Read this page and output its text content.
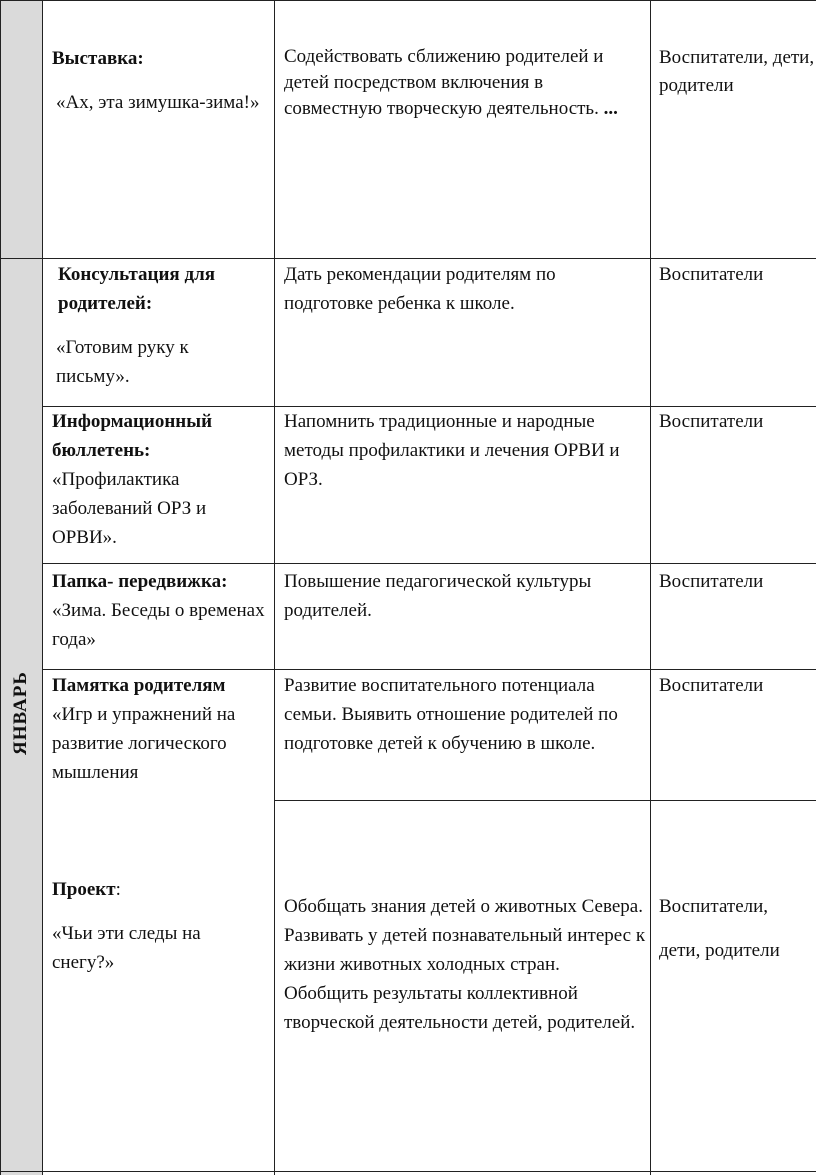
ЯНВАРЬ
Выставка:
«Ах, эта зимушка-зима!»
Содействовать сближению родителей и детей посредством включения в совместную творческую деятельность. ...
Воспитатели, дети, родители
Консультация для родителей:
«Готовим руку к письму».
Дать рекомендации родителям по подготовке ребенка к школе.
Воспитатели
Информационный бюллетень:
«Профилактика заболеваний ОРЗ и ОРВИ».
Напомнить традиционные и народные методы профилактики и лечения ОРВИ и ОРЗ.
Воспитатели
Папка- передвижка:
«Зима. Беседы о временах года»
Повышение педагогической культуры родителей.
Воспитатели
Памятка родителям
«Игр и упражнений на развитие логического мышления
Развитие воспитательного потенциала семьи. Выявить отношение родителей по подготовке детей к обучению в школе.
Воспитатели
Проект:
«Чьи эти следы на снегу?»
Обобщать знания детей о животных Севера. Развивать у детей познавательный интерес к жизни животных холодных стран. Обобщить результаты коллективной творческой деятельности детей, родителей.
Воспитатели,
дети, родители
